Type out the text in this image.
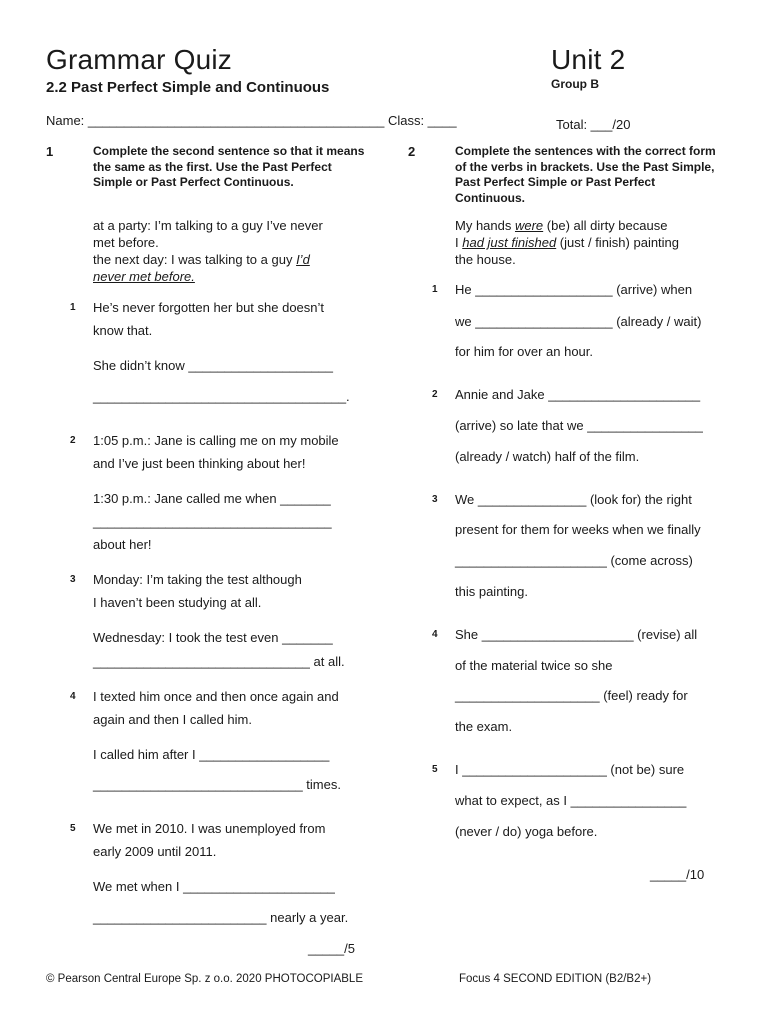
Grammar Quiz	Unit 2
2.2 Past Perfect Simple and Continuous	Group B
Name: _________________________________________ Class: ____	Total: ___/20
1	Complete the second sentence so that it means the same as the first. Use the Past Perfect Simple or Past Perfect Continuous.
at a party: I’m talking to a guy I’ve never
met before.
the next day: I was talking to a guy I’d
never met before.
1 He’s never forgotten her but she doesn’t
know that.
She didn’t know ____________________
___________________________________.
2 1:05 p.m.: Jane is calling me on my mobile
and I’ve just been thinking about her!
1:30 p.m.: Jane called me when _______
_________________________________
about her!
3 Monday: I’m taking the test although
I haven’t been studying at all.
Wednesday: I took the test even _______
______________________________ at all.
4 I texted him once and then once again and
again and then I called him.
I called him after I __________________
_____________________________ times.
5 We met in 2010. I was unemployed from
early 2009 until 2011.
We met when I _____________________
________________________ nearly a year.
_____/5
2	Complete the sentences with the correct form of the verbs in brackets. Use the Past Simple, Past Perfect Simple or Past Perfect Continuous.
My hands were (be) all dirty because
I had just finished (just / finish) painting
the house.
1 He ___________________ (arrive) when
we ___________________ (already / wait)
for him for over an hour.
2 Annie and Jake _____________________
(arrive) so late that we ________________
(already / watch) half of the film.
3 We _______________ (look for) the right
present for them for weeks when we finally
_____________________ (come across)
this painting.
4 She _____________________ (revise) all
of the material twice so she
____________________ (feel) ready for
the exam.
5 I ____________________ (not be) sure
what to expect, as I ________________
(never / do) yoga before.
_____/10
© Pearson Central Europe Sp. z o.o. 2020 PHOTOCOPIABLE	Focus 4 SECOND EDITION (B2/B2+)
